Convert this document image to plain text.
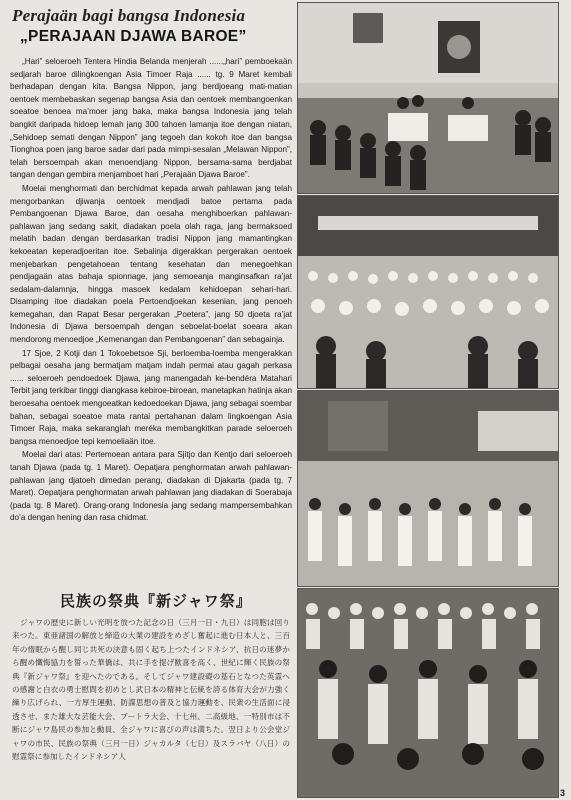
Perajaän bagi bangsa Indonesia
„PERAJAAN DJAWA BAROE”

„Hari” seloeroeh Tentera Hindia Belanda menjerah ......„hari” pemboekaän sedjarah baroe dilingkoengan Asia Timoer Raja ...... tg. 9 Maret kembali berhadapan dengan kita. Bangsa Nippon, jang berdjoeang mati-matian oentoek membebaskan segenap bangsa Asia dan oentoek membangoenkan soeatoe benoea ma’moer jang baka, maka bangsa Indonesia jang telah bangkit daripada hidoep lemah jang 300 tahoen lamanja itoe dengan niatan, „Sehidoep semati dengan Nippon” jang tegoeh dan kokoh itoe dan bangsa Tionghoa poen jang baroe sadar dari pada mimpi-sesalan „Melawan Nippon”, telah bersoempah akan menoendjang Nippon, bersama-sama berdjabat tangan dengan gembira menjamboet hari „Perajaän Djawa Baroe”.

Moelai menghormati dan berchidmat kepada arwah pahlawan jang telah mengorbankan djiwanja oentoek mendjadi batoe pertama pada Pembangoenan Djawa Baroe, dan oesaha menghiboerkan pahlawan-pahlawan jang sedang sakit, diadakan poela olah raga, jang bermaksoed melatih badan dengan berdasarkan tradisi Nippon jang mamantingkan kekoeatan keperadjoeritan itoe. Sebalinja digerakkan pergerakan oentoek menjebarkan pengetahoean tentang kesehatan dan menegoehkan pendjagaän atas bahaja spionnage, jang semoeanja manginsafkan ra’jat sedalam-dalamnja, hingga masoek kedalam kehidoepan sehari-hari. Disamping itoe diadakan poela Pertoendjoekan kesenian, jang penoeh kemegahan, dan Rapat Besar pergerakan „Poetera”, jang 50 djoeta ra’jat Indonesia di Djawa bersoempah dengan seboelat-boelat soeara akan mendorong menoedjoe „Kemenangan dan Pembangoenan” dan sebagainja.

17 Sjoe, 2 Kotji dan 1 Tokoebetsoe Sji, berloemba-loemba mengerakkan pelbagai oesaha jang bermatjam matjam indah permai atau gagah perkasa ...... seloeroeh pendoedoek Djawa, jang manengadah ke-bendéra Matahari Terbit jang terkibar tinggi diangkasa kebiroe-biroean, manetapkan hatinja akan beroesaha oentoek mengoeatkan kedoedoekan Djawa, jang sebagai soembar bahan, sebagai soeatoe mata rantai pertahanan dalam lingkoengan Asia Timoer Raja, maka sekaranglah meréka membangkitkan parade seloeroeh bangsa menoedjoe tepi kemoeliaän itoe.

Moelai dari atas: Pertemoean antara para Sjitjo dan Kentjo dari seloeroeh tanah Djawa (pada tg. 1 Maret). Oepatjara penghormatan arwah pahlawan-pahlawan jang djatoeh dimedan perang, diadakan di Djakarta (pada tg. 7 Maret). Oepatjara penghormatan arwah pahlawan jang diadakan di Soerabaja (pada tg. 8 Maret). Orang-orang Indonesia jang sedang mampersembahkan do’a dengan hening dan rasa chidmat.

民族の祭典『新ジャワ祭』
ジャワの歴史に新しい光明を放つた記念の日（三月一日・九日）は同胞は回り来つた。東亜諸国の解放と締造の大業の建設をめざし奮起に進む日本人と、三百年の惰眠から醒し同じ共死の決意も固く起ち上つたインドネシア、抗日の迷夢から醒め懺悔協力を誓った華僑は、共に手を提げ歓喜を高く、世紀に輝く民族の祭典『新ジャワ祭』を迎へたのである。そしてジャワ建設礎の基石となつた英霊への感謝と白衣の勇士慰問を初めとし武日本の精神と伝統を誇る体育大会が力強く繰り広げられ、一方厚生運動、防諜思想の普及と協力運動を、民衆の生活面に浸透させ、また雄大な芸能大会、ブートラ大会、十七州、二高級地、一特別市は不断にジャワ島民の参加と動員、全ジャワに喜びの声は満ちた。翌日より公会堂ジャワの市民、民族の祭典（三月一日）ジャカルタ（七日）及スラバヤ（八日）の慰霊祭に参加したインドネシア人
3
